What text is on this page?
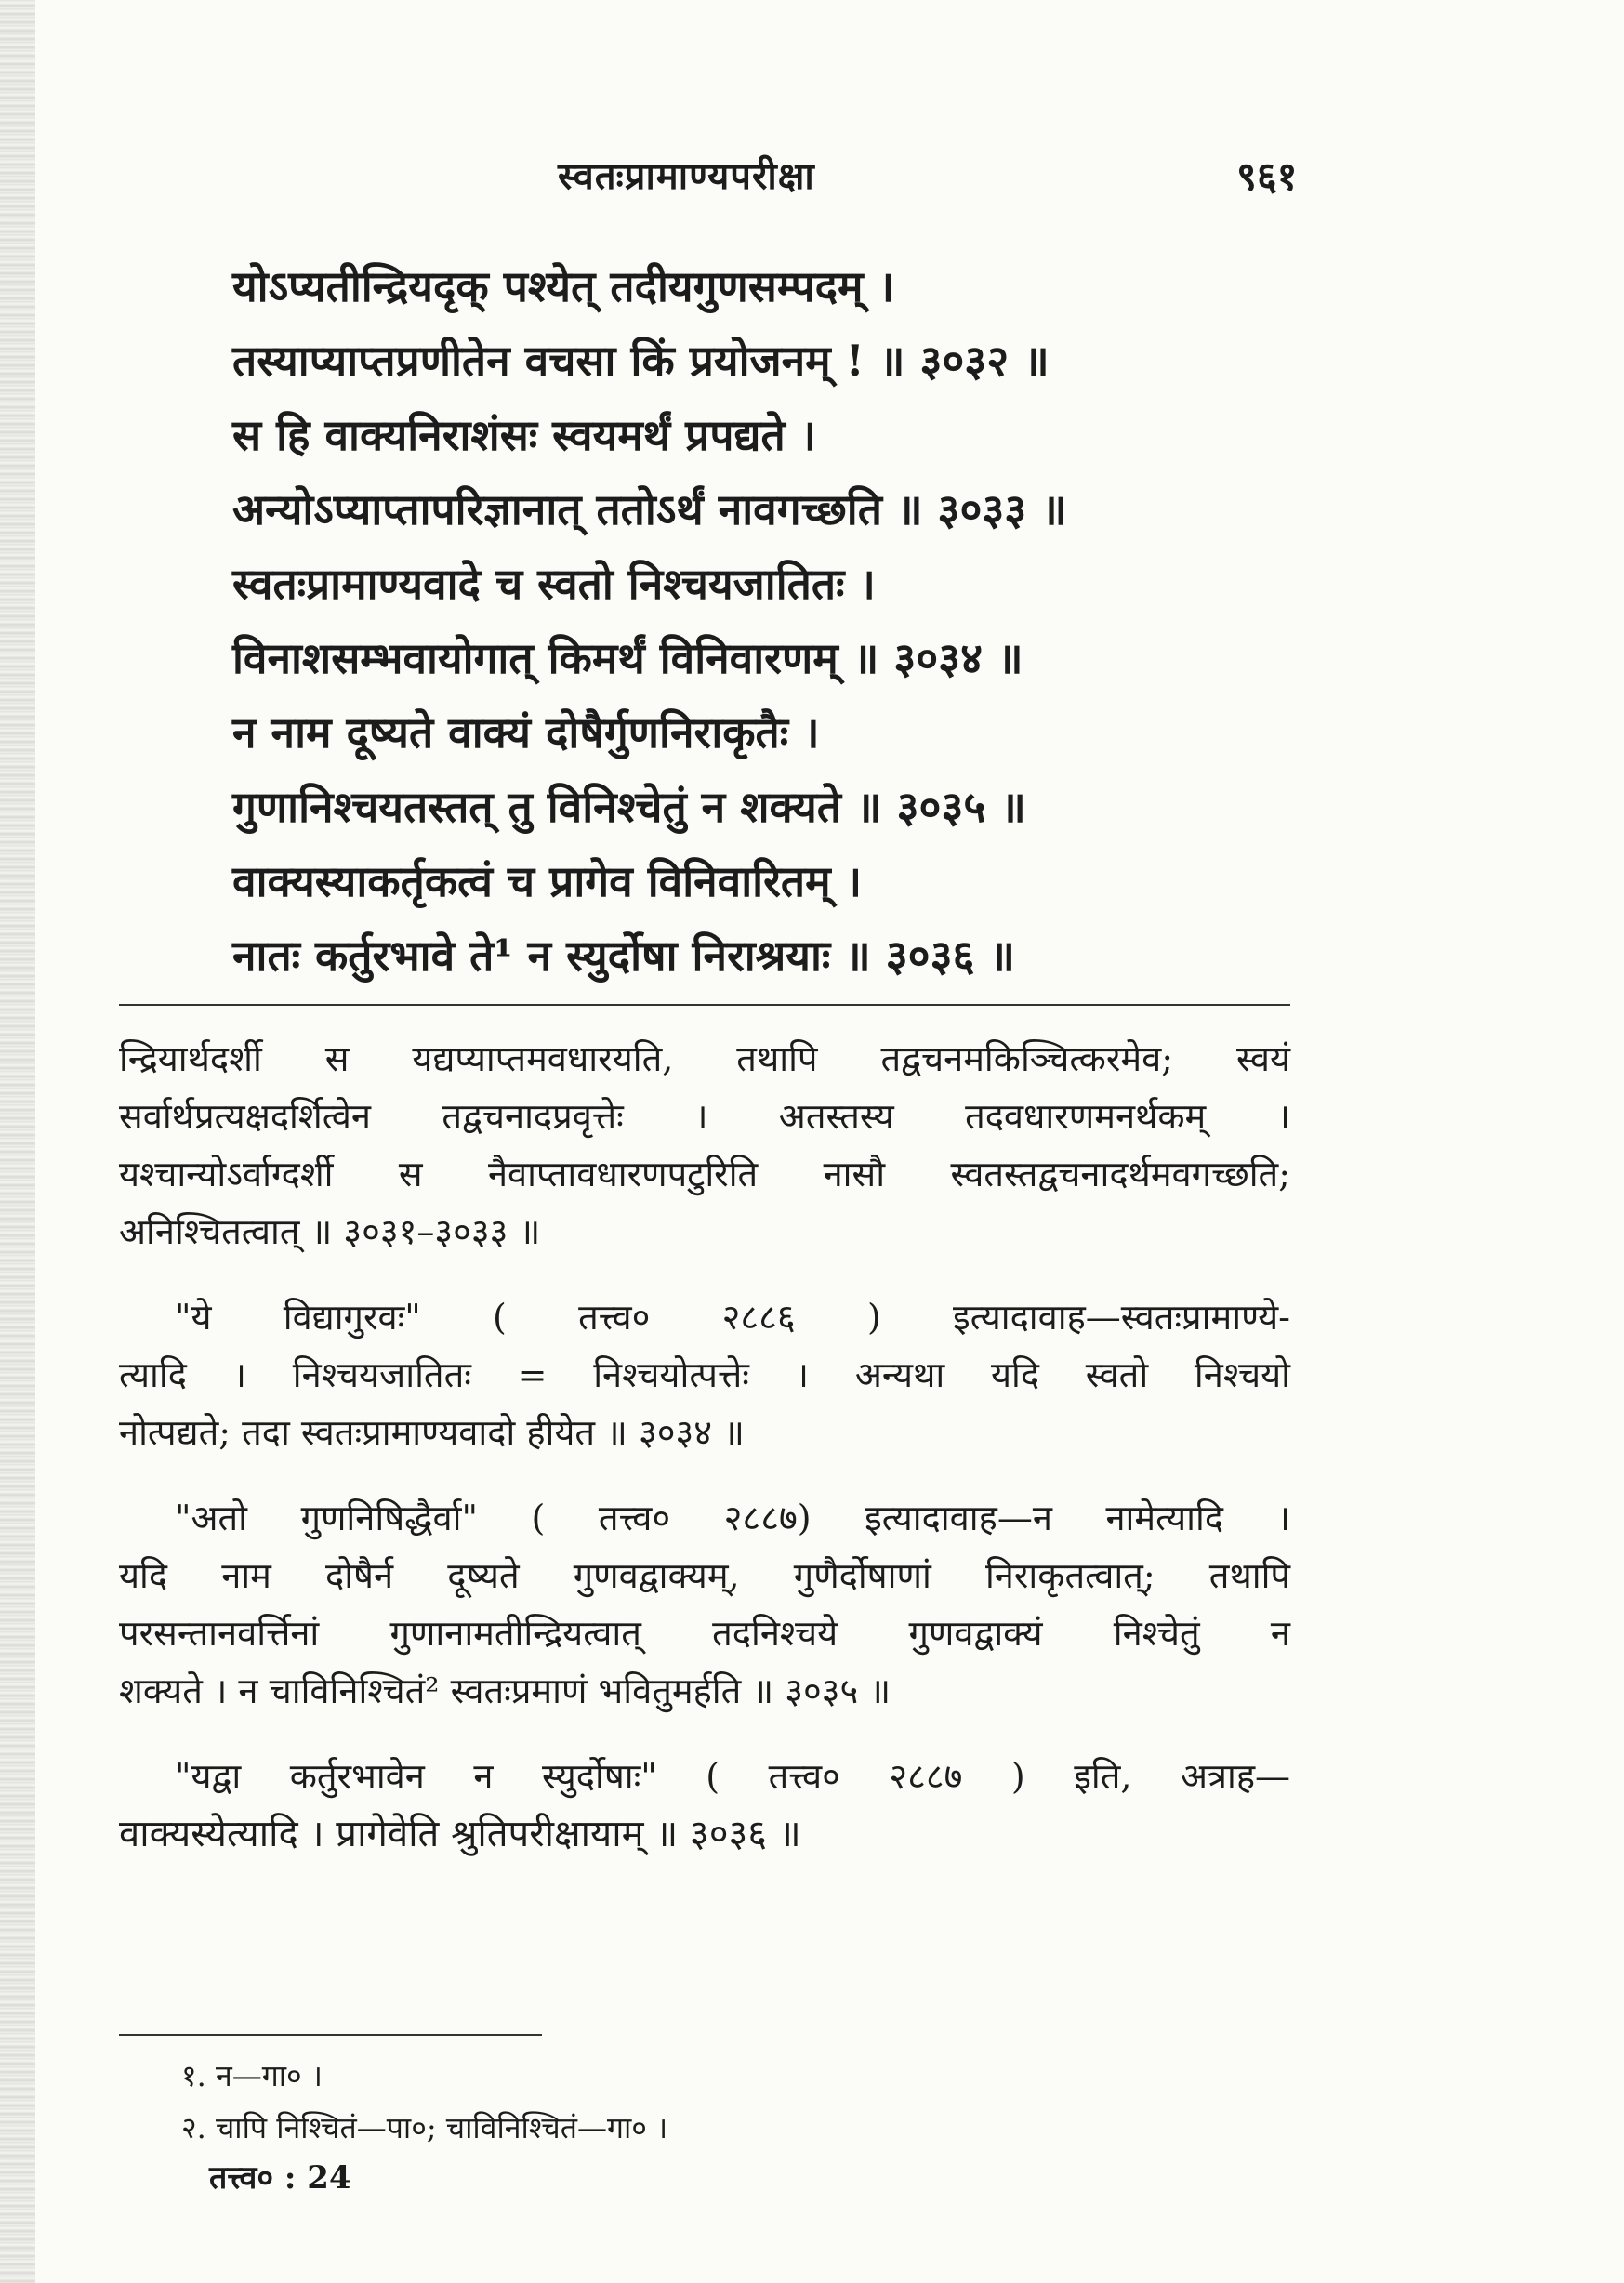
स्वतःप्रामाण्यपरीक्षा	९६१
योऽप्यतीन्द्रियदृक् पश्येत् तदीयगुणसम्पदम् ।
तस्याप्याप्तप्रणीतेन वचसा किं प्रयोजनम् ! ॥ ३०३२ ॥
स हि वाक्यनिराशंसः स्वयमर्थं प्रपद्यते ।
अन्योऽप्याप्तापरिज्ञानात् ततोऽर्थं नावगच्छति ॥ ३०३३ ॥
स्वतःप्रामाण्यवादे च स्वतो निश्चयजातितः ।
विनाशसम्भवायोगात् किमर्थं विनिवारणम् ॥ ३०३४ ॥
न नाम दूष्यते वाक्यं दोषैर्गुणनिराकृतैः ।
गुणानिश्चयतस्तत् तु विनिश्चेतुं न शक्यते ॥ ३०३५ ॥
वाक्यस्याकर्तृकत्वं च प्रागेव विनिवारितम् ।
नातः कर्तुरभावे ते¹ न स्युर्दोषा निराश्रयाः ॥ ३०३६ ॥
न्द्रियार्थदर्शी स यद्यप्याप्तमवधारयति, तथापि तद्वचनमकिञ्चित्करमेव; स्वयं
सर्वार्थप्रत्यक्षदर्शित्वेन तद्वचनादप्रवृत्तेः । अतस्तस्य तदवधारणमनर्थकम् ।
यश्चान्योऽर्वाग्दर्शी स नैवाप्तावधारणपटुरिति नासौ स्वतस्तद्वचनादर्थमवगच्छति;
अनिश्चितत्वात् ॥ ३०३१–३०३३ ॥
"ये विद्यागुरवः" ( तत्त्व० २८८६ ) इत्यादावाह—स्वतःप्रामाण्ये-
त्यादि । निश्चयजातितः = निश्चयोत्पत्तेः । अन्यथा यदि स्वतो निश्चयो
नोत्पद्यते; तदा स्वतःप्रामाण्यवादो हीयेत ॥ ३०३४ ॥
"अतो गुणनिषिद्धैर्वा" ( तत्त्व० २८८७) इत्यादावाह—न नामेत्यादि ।
यदि नाम दोषैर्न दूष्यते गुणवद्वाक्यम्, गुणैर्दोषाणां निराकृतत्वात्; तथापि
परसन्तानवर्त्तिनां गुणानामतीन्द्रियत्वात् तदनिश्चये गुणवद्वाक्यं निश्चेतुं न
शक्यते । न चाविनिश्चितं² स्वतःप्रमाणं भवितुमर्हति ॥ ३०३५ ॥
"यद्वा कर्तुरभावेन न स्युर्दोषाः" ( तत्त्व० २८८७ ) इति, अत्राह—
वाक्यस्येत्यादि । प्रागेवेति श्रुतिपरीक्षायाम् ॥ ३०३६ ॥
१. न—गा० ।
२. चापि निश्चितं—पा०; चाविनिश्चितं—गा० ।
तत्त्व० : 24
